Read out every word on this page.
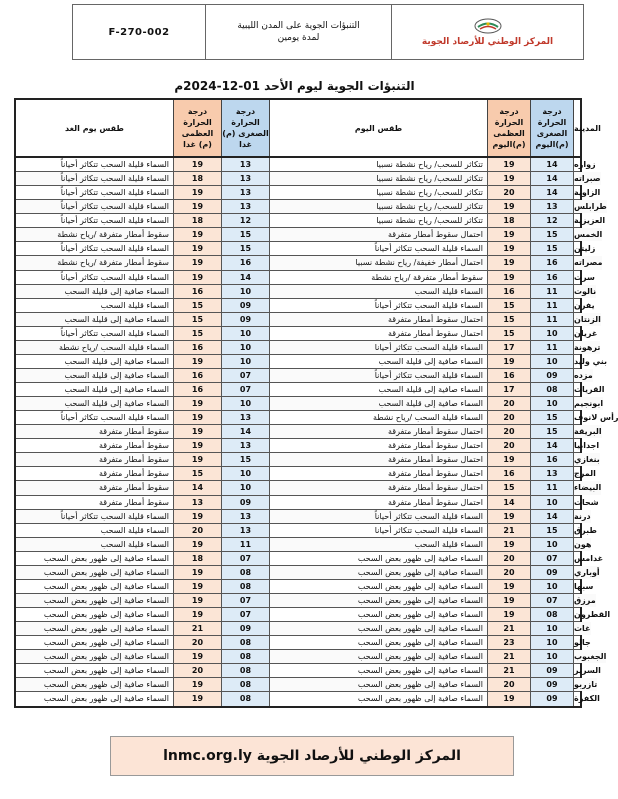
F-270-002
التنبؤات الجوية على المدن الليبية
لمدة يومين	المركز الوطني للأرصاد الجوية
التنبؤات الجوية ليوم الأحد 01-12-2024م
طقس يوم الغد
درجة الحرارة العظمى (م) غدا
درجة الحرارة الصغرى (م) غدا
طقس اليوم
درجة الحرارة العظمى (م)اليوم
درجة الحرارة الصغرى (م)اليوم
المدينة
السماء قليلة السحب تتكاثر أحياناً	19	13	تتكاثر للسحب/ رياح نشطة نسبيا	19	14	زواره
السماء قليلة السحب تتكاثر أحياناً	18	13	تتكاثر للسحب/ رياح نشطة نسبيا	19	14	صبراته
السماء قليلة السحب تتكاثر أحياناً	19	13	تتكاثر للسحب/ رياح نشطة نسبيا	20	14	الزاوية
السماء قليلة السحب تتكاثر أحياناً	19	13	تتكاثر للسحب/ رياح نشطة نسبيا	19	13	طرابلس
السماء قليلة السحب تتكاثر أحياناً	18	12	تتكاثر للسحب/ رياح نشطة نسبيا	18	12	العزيزية
سقوط أمطار متفرقة /رياح نشطة	19	15	احتمال سقوط أمطار متفرقة	19	15	الخمس
السماء قليلة السحب تتكاثر أحياناً	19	15	السماء قليلة السحب تتكاثر أحياناً	19	15	زليتن
سقوط أمطار متفرقة /رياح نشطة	19	16	احتمال أمطار خفيفة/ رياح نشطة نسبيا	19	16	مصراته
السماء قليلة السحب تتكاثر أحياناً	19	14	سقوط أمطار متفرقة /رياح نشطة	19	16	سرت
السماء صافية إلى قليلة السحب	16	10	السماء قليلة السحب	16	11	نالوت
السماء قليلة السحب	15	09	السماء قليلة السحب تتكاثر أحياناً	15	11	يفرن
السماء صافية إلى قليلة السحب	15	09	احتمال سقوط أمطار متفرقة	15	11	الزنتان
السماء قليلة السحب تتكاثر أحياناً	15	10	احتمال سقوط أمطار متفرقة	15	10	غريان
السماء قليلة السحب /رياح نشطة	16	10	السماء قليلة السحب تتكاثر أحيانا	17	11	ترهونة
السماء صافية إلى قليلة السحب	19	10	السماء صافية إلى قليلة السحب	19	10	بني وليد
السماء صافية إلى قليلة السحب	16	07	السماء قليلة السحب تتكاثر أحياناً	16	09	مزده
السماء صافية إلى قليلة السحب	16	07	السماء صافية إلى قليلة السحب	17	08	القريات
السماء صافية إلى قليلة السحب	19	10	السماء صافية إلى قليلة السحب	20	10	ابونجيم
السماء قليلة السحب تتكاثر أحياناً	19	13	السماء قليلة السحب /رياح نشطة	20	15	رأس لانوف
سقوط أمطار متفرقة	19	14	احتمال سقوط أمطار متفرقة	20	15	البريقة
سقوط أمطار متفرقة	19	13	احتمال سقوط أمطار متفرقة	20	14	اجدابيا
سقوط أمطار متفرقة	19	15	احتمال سقوط أمطار متفرقة	19	16	بنغازي
سقوط أمطار متفرقة	15	10	احتمال سقوط أمطار متفرقة	16	13	المرج
سقوط أمطار متفرقة	14	10	احتمال سقوط أمطار متفرقة	15	11	البيضاء
سقوط أمطار متفرقة	13	09	احتمال سقوط أمطار متفرقة	14	10	شحات
السماء قليلة السحب تتكاثر أحياناً	19	13	السماء قليلة السحب تتكاثر أحياناً	19	14	درنة
السماء قليلة السحب	20	13	السماء قليلة السحب تتكاثر أحيانا	21	15	طبرق
السماء قليلة السحب	19	11	السماء قليلة السحب	19	10	هون
السماء صافية إلى ظهور بعض السحب	18	07	السماء صافية إلى ظهور بعض السحب	20	07	غدامس
السماء صافية إلى ظهور بعض السحب	19	08	السماء صافية إلى ظهور بعض السحب	20	09	أوباري
السماء صافية إلى ظهور بعض السحب	19	08	السماء صافية إلى ظهور بعض السحب	19	10	سبها
السماء صافية إلى ظهور بعض السحب	19	07	السماء صافية إلى ظهور بعض السحب	19	07	مرزق
السماء صافية إلى ظهور بعض السحب	19	07	السماء صافية إلى ظهور بعض السحب	19	08	القطرون
السماء صافية إلى ظهور بعض السحب	21	09	السماء صافية إلى ظهور بعض السحب	21	10	غات
السماء صافية إلى ظهور بعض السحب	20	08	السماء صافية إلى ظهور بعض السحب	23	10	جالو
السماء صافية إلى ظهور بعض السحب	19	08	السماء صافية إلى ظهور بعض السحب	21	10	الجغبوب
السماء صافية إلى ظهور بعض السحب	20	08	السماء صافية إلى ظهور بعض السحب	21	09	السرير
السماء صافية إلى ظهور بعض السحب	19	08	السماء صافية إلى ظهور بعض السحب	20	09	تازربو
السماء صافية إلى ظهور بعض السحب	19	08	السماء صافية إلى ظهور بعض السحب	19	09	الكفرة
المركز الوطني للأرصاد الجوية lnmc.org.ly
